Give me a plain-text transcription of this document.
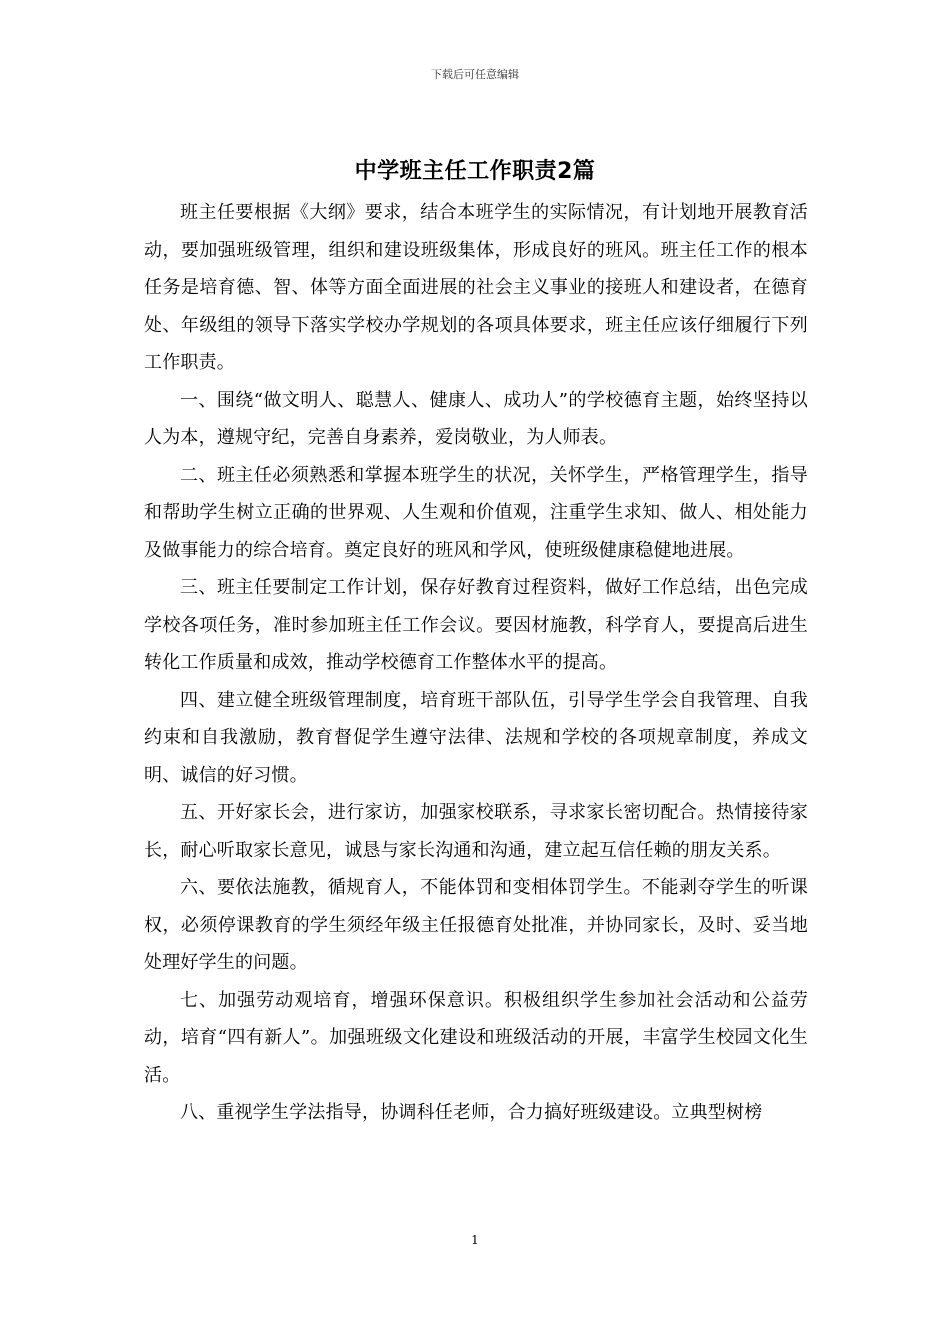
下载后可任意编辑
中学班主任工作职责2篇

班主任要根据《大纲》要求，结合本班学生的实际情况，有计划地开展教育活动，要加强班级管理，组织和建设班级集体，形成良好的班风。班主任工作的根本任务是培育德、智、体等方面全面进展的社会主义事业的接班人和建设者，在德育处、年级组的领导下落实学校办学规划的各项具体要求，班主任应该仔细履行下列工作职责。

一、围绕“做文明人、聪慧人、健康人、成功人”的学校德育主题，始终坚持以人为本，遵规守纪，完善自身素养，爱岗敬业，为人师表。

二、班主任必须熟悉和掌握本班学生的状况，关怀学生，严格管理学生，指导和帮助学生树立正确的世界观、人生观和价值观，注重学生求知、做人、相处能力及做事能力的综合培育。奠定良好的班风和学风，使班级健康稳健地进展。

三、班主任要制定工作计划，保存好教育过程资料，做好工作总结，出色完成学校各项任务，准时参加班主任工作会议。要因材施教，科学育人，要提高后进生转化工作质量和成效，推动学校德育工作整体水平的提高。

四、建立健全班级管理制度，培育班干部队伍，引导学生学会自我管理、自我约束和自我激励，教育督促学生遵守法律、法规和学校的各项规章制度，养成文明、诚信的好习惯。

五、开好家长会，进行家访，加强家校联系，寻求家长密切配合。热情接待家长，耐心听取家长意见，诚恳与家长沟通和沟通，建立起互信任赖的朋友关系。

六、要依法施教，循规育人，不能体罚和变相体罚学生。不能剥夺学生的听课权，必须停课教育的学生须经年级主任报德育处批准，并协同家长，及时、妥当地处理好学生的问题。

七、加强劳动观培育，增强环保意识。积极组织学生参加社会活动和公益劳动，培育“四有新人”。加强班级文化建设和班级活动的开展，丰富学生校园文化生活。

八、重视学生学法指导，协调科任老师，合力搞好班级建设。立典型树榜

1
